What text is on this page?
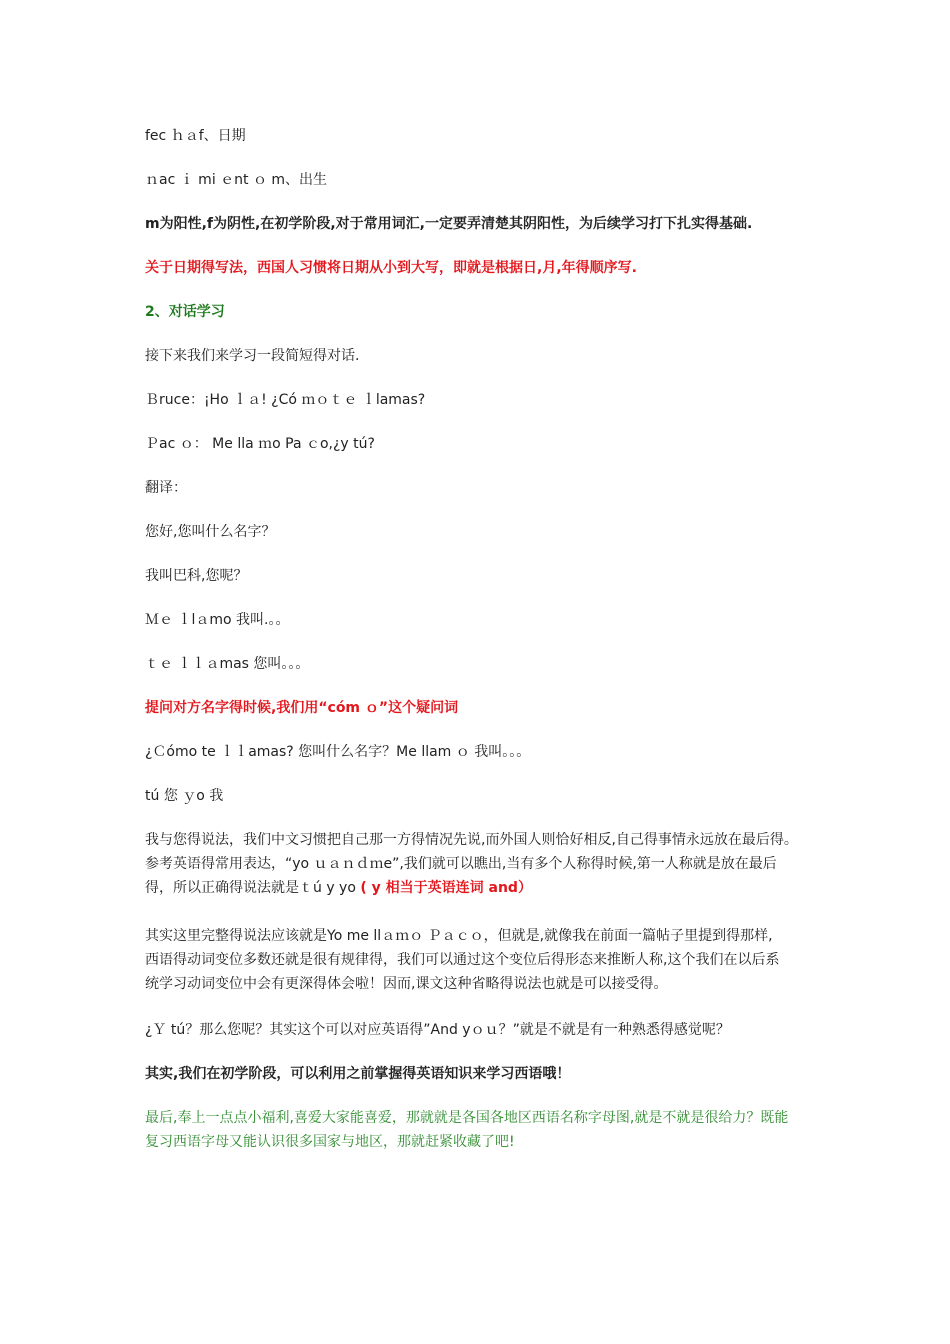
fec ｈａf、日期
ｎac ｉ mi ｅnt ｏ m、出生
m为阳性,f为阴性,在初学阶段,对于常用词汇,一定要弄清楚其阴阳性，为后续学习打下扎实得基础.
关于日期得写法，西国人习惯将日期从小到大写，即就是根据日,月,年得顺序写.
2、对话学习
接下来我们来学习一段简短得对话.
Ｂruce：¡Ho ｌａ! ¿Có ｍｏｔｅ ｌlamas?
Ｐac ｏ： Me lla ｍo Pa ｃo,¿y tú?
翻译：
您好,您叫什么名字？
我叫巴科,您呢？
Ｍｅ ｌlａmo 我叫.。。
ｔｅ ｌｌａmas 您叫。。。
提问对方名字得时候,我们用“cóm ｏ”这个疑问词
¿Ｃómo te ｌｌamas? 您叫什么名字？Me llam ｏ 我叫。。。
tú 您 ｙo 我
我与您得说法，我们中文习惯把自己那一方得情况先说,而外国人则恰好相反,自己得事情永远放在最后得。
参考英语得常用表达，“yo ｕａｎｄｍe”,我们就可以瞧出,当有多个人称得时候,第一人称就是放在最后
得，所以正确得说法就是ｔú y yo ( y 相当于英语连词 and）
其实这里完整得说法应该就是Yo me llａｍｏ Ｐａｃｏ，但就是,就像我在前面一篇帖子里提到得那样,
西语得动词变位多数还就是很有规律得，我们可以通过这个变位后得形态来推断人称,这个我们在以后系
统学习动词变位中会有更深得体会啦！因而,课文这种省略得说法也就是可以接受得。
¿Ｙ tú？那么您呢？其实这个可以对应英语得”And yｏｕ？”就是不就是有一种熟悉得感觉呢？
其实,我们在初学阶段，可以利用之前掌握得英语知识来学习西语哦！
最后,奉上一点点小福利,喜爱大家能喜爱，那就就是各国各地区西语名称字母图,就是不就是很给力？既能
复习西语字母又能认识很多国家与地区，那就赶紧收藏了吧!
